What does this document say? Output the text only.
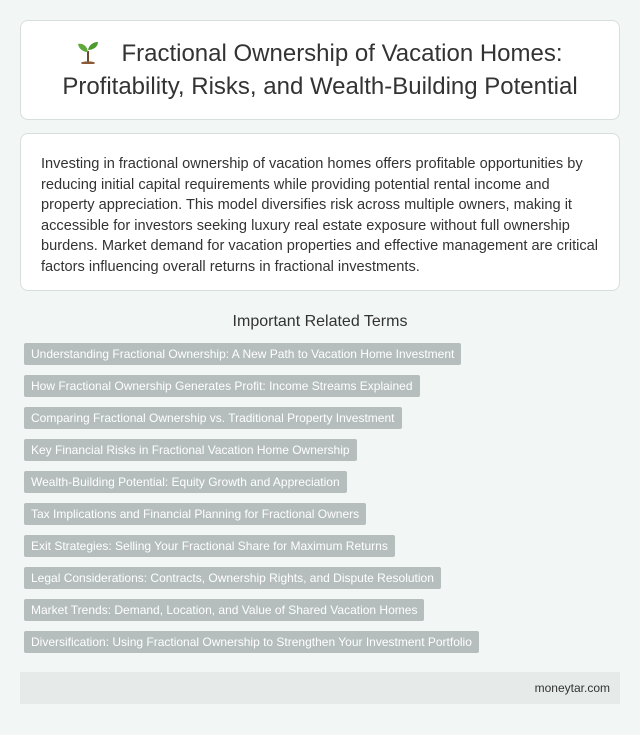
Fractional Ownership of Vacation Homes: Profitability, Risks, and Wealth-Building Potential

Investing in fractional ownership of vacation homes offers profitable opportunities by reducing initial capital requirements while providing potential rental income and property appreciation. This model diversifies risk across multiple owners, making it accessible for investors seeking luxury real estate exposure without full ownership burdens. Market demand for vacation properties and effective management are critical factors influencing overall returns in fractional investments.

Important Related Terms
Understanding Fractional Ownership: A New Path to Vacation Home Investment
How Fractional Ownership Generates Profit: Income Streams Explained
Comparing Fractional Ownership vs. Traditional Property Investment
Key Financial Risks in Fractional Vacation Home Ownership
Wealth-Building Potential: Equity Growth and Appreciation
Tax Implications and Financial Planning for Fractional Owners
Exit Strategies: Selling Your Fractional Share for Maximum Returns
Legal Considerations: Contracts, Ownership Rights, and Dispute Resolution
Market Trends: Demand, Location, and Value of Shared Vacation Homes
Diversification: Using Fractional Ownership to Strengthen Your Investment Portfolio
moneytar.com
